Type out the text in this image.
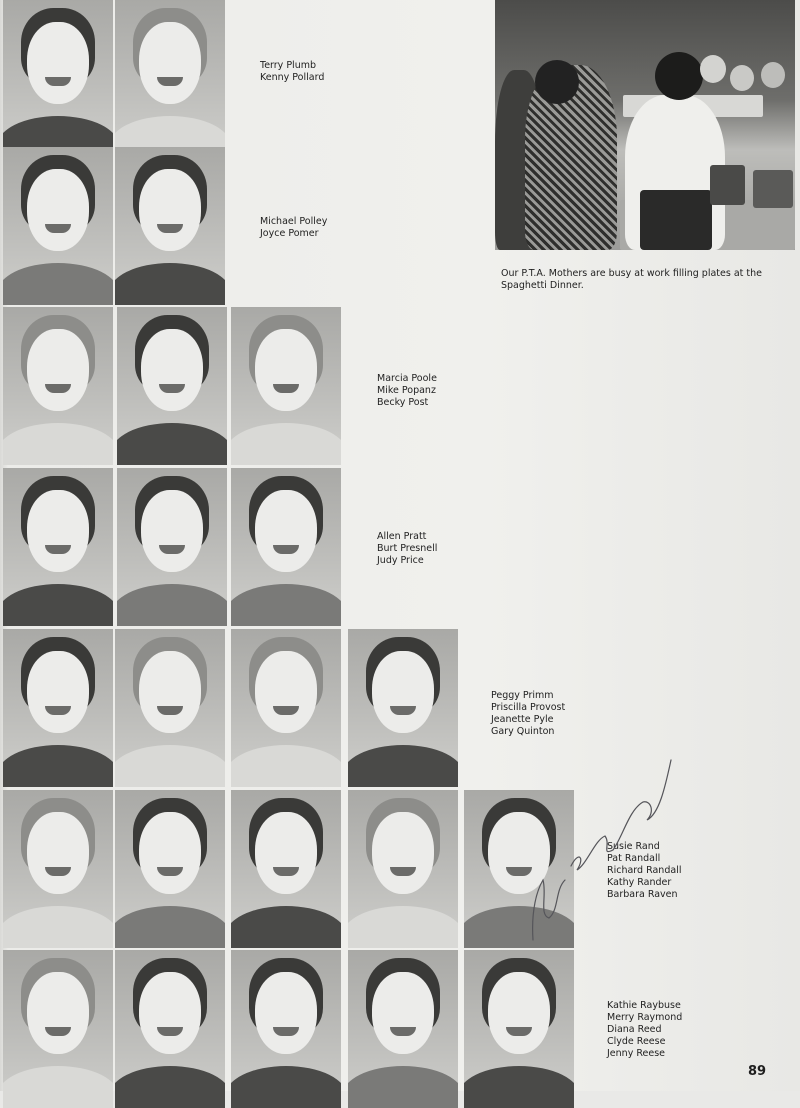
Terry Plumb
Kenny Pollard
Michael Polley
Joyce Pomer
Marcia Poole
Mike Popanz
Becky Post
Allen Pratt
Burt Presnell
Judy Price
Peggy Primm
Priscilla Provost
Jeanette Pyle
Gary Quinton
Susie Rand
Pat Randall
Richard Randall
Kathy Rander
Barbara Raven
Kathie Raybuse
Merry Raymond
Diana Reed
Clyde Reese
Jenny Reese
Our P.T.A. Mothers are busy at work filling plates at the Spaghetti Dinner.
89
